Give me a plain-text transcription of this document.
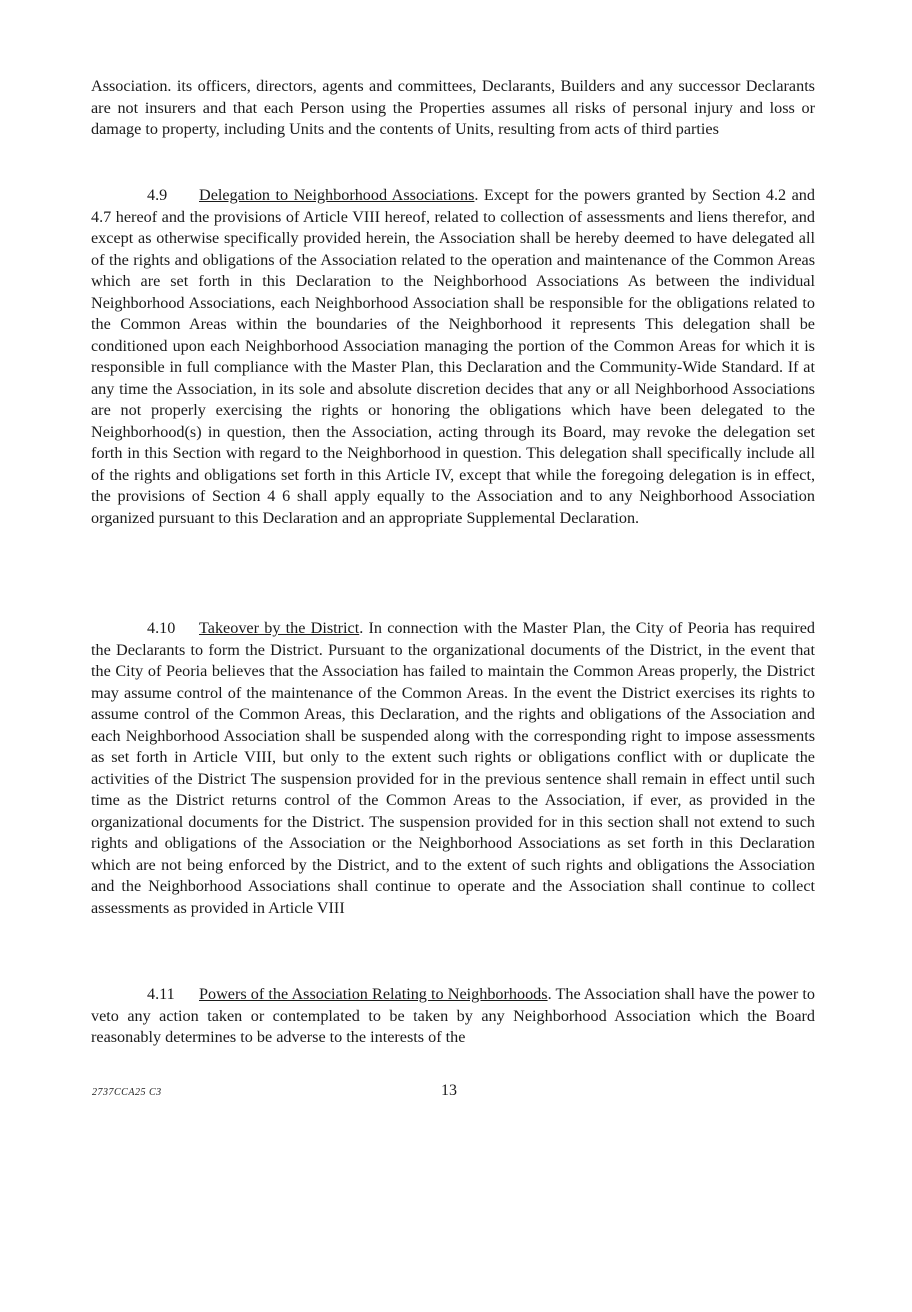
Association. its officers, directors, agents and committees, Declarants, Builders and any successor Declarants are not insurers and that each Person using the Properties assumes all risks of personal injury and loss or damage to property, including Units and the contents of Units, resulting from acts of third parties
4.9 Delegation to Neighborhood Associations. Except for the powers granted by Section 4.2 and 4.7 hereof and the provisions of Article VIII hereof, related to collection of assessments and liens therefor, and except as otherwise specifically provided herein, the Association shall be hereby deemed to have delegated all of the rights and obligations of the Association related to the operation and maintenance of the Common Areas which are set forth in this Declaration to the Neighborhood Associations As between the individual Neighborhood Associations, each Neighborhood Association shall be responsible for the obligations related to the Common Areas within the boundaries of the Neighborhood it represents This delegation shall be conditioned upon each Neighborhood Association managing the portion of the Common Areas for which it is responsible in full compliance with the Master Plan, this Declaration and the Community-Wide Standard. If at any time the Association, in its sole and absolute discretion decides that any or all Neighborhood Associations are not properly exercising the rights or honoring the obligations which have been delegated to the Neighborhood(s) in question, then the Association, acting through its Board, may revoke the delegation set forth in this Section with regard to the Neighborhood in question. This delegation shall specifically include all of the rights and obligations set forth in this Article IV, except that while the foregoing delegation is in effect, the provisions of Section 4 6 shall apply equally to the Association and to any Neighborhood Association organized pursuant to this Declaration and an appropriate Supplemental Declaration.
4.10 Takeover by the District. In connection with the Master Plan, the City of Peoria has required the Declarants to form the District. Pursuant to the organizational documents of the District, in the event that the City of Peoria believes that the Association has failed to maintain the Common Areas properly, the District may assume control of the maintenance of the Common Areas. In the event the District exercises its rights to assume control of the Common Areas, this Declaration, and the rights and obligations of the Association and each Neighborhood Association shall be suspended along with the corresponding right to impose assessments as set forth in Article VIII, but only to the extent such rights or obligations conflict with or duplicate the activities of the District The suspension provided for in the previous sentence shall remain in effect until such time as the District returns control of the Common Areas to the Association, if ever, as provided in the organizational documents for the District. The suspension provided for in this section shall not extend to such rights and obligations of the Association or the Neighborhood Associations as set forth in this Declaration which are not being enforced by the District, and to the extent of such rights and obligations the Association and the Neighborhood Associations shall continue to operate and the Association shall continue to collect assessments as provided in Article VIII
4.11 Powers of the Association Relating to Neighborhoods. The Association shall have the power to veto any action taken or contemplated to be taken by any Neighborhood Association which the Board reasonably determines to be adverse to the interests of the
2737CCA25 C3	13
